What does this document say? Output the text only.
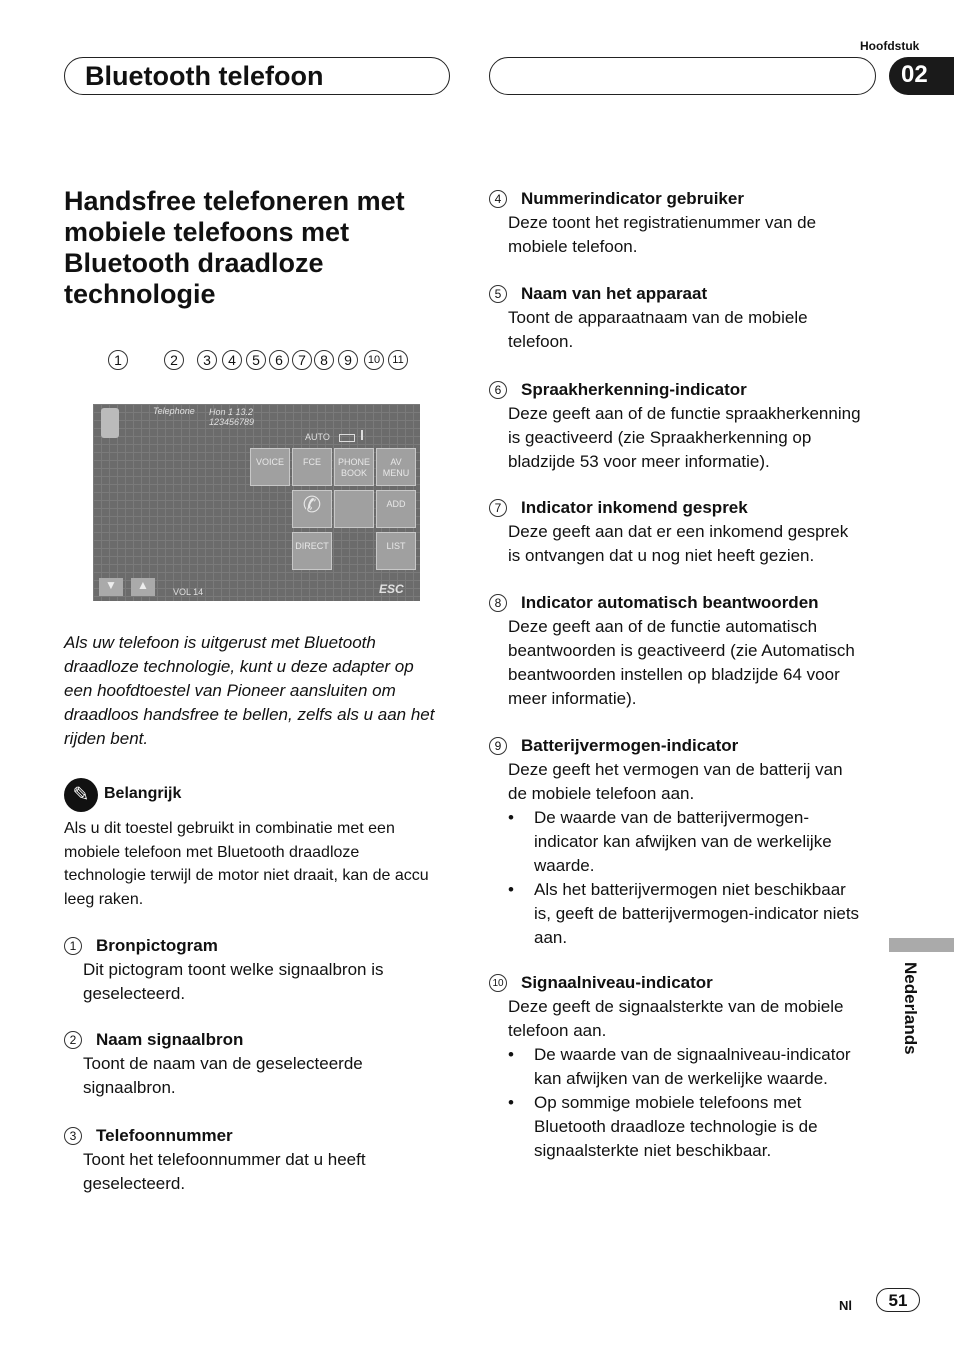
Bluetooth telefoon
Hoofdstuk
02
Handsfree telefoneren met mobiele telefoons met Bluetooth draadloze technologie
1	2	3	4	5	6	7	8	9	10	11
Telephone Hon 1 13.2
123456789
AUTO
VOICE	FCE	PHONE BOOK
AV MENU
✆	ADD
DIRECT	LIST
▼	▲	VOL 14	ESC

Als uw telefoon is uitgerust met Bluetooth draadloze technologie, kunt u deze adapter op een hoofdtoestel van Pioneer aansluiten om draadloos handsfree te bellen, zelfs als u aan het rijden bent.

✎ Belangrijk

Als u dit toestel gebruikt in combinatie met een mobiele telefoon met Bluetooth draadloze technologie terwijl de motor niet draait, kan de accu leeg raken.

1	Bronpictogram
Dit pictogram toont welke signaalbron is geselecteerd.
2	Naam signaalbron
Toont de naam van de geselecteerde signaalbron.
3	Telefoonnummer
Toont het telefoonnummer dat u heeft geselecteerd.
4	Nummerindicator gebruiker
Deze toont het registratienummer van de mobiele telefoon.
5	Naam van het apparaat
Toont de apparaatnaam van de mobiele telefoon.
6	Spraakherkenning-indicator
Deze geeft aan of de functie spraakherkenning is geactiveerd (zie Spraakherkenning op bladzijde 53 voor meer informatie).
7	Indicator inkomend gesprek
Deze geeft aan dat er een inkomend gesprek is ontvangen dat u nog niet heeft gezien.
8	Indicator automatisch beantwoorden
Deze geeft aan of de functie automatisch beantwoorden is geactiveerd (zie Automatisch beantwoorden instellen op bladzijde 64 voor meer informatie).
9	Batterijvermogen-indicator
Deze geeft het vermogen van de batterij van de mobiele telefoon aan.
• De waarde van de batterijvermogen-indicator kan afwijken van de werkelijke waarde.
• Als het batterijvermogen niet beschikbaar is, geeft de batterijvermogen-indicator niets aan.
10 Signaalniveau-indicator
Deze geeft de signaalsterkte van de mobiele telefoon aan.
• De waarde van de signaalniveau-indicator kan afwijken van de werkelijke waarde.
• Op sommige mobiele telefoons met Bluetooth draadloze technologie is de signaalsterkte niet beschikbaar.
Nederlands
Nl	51
